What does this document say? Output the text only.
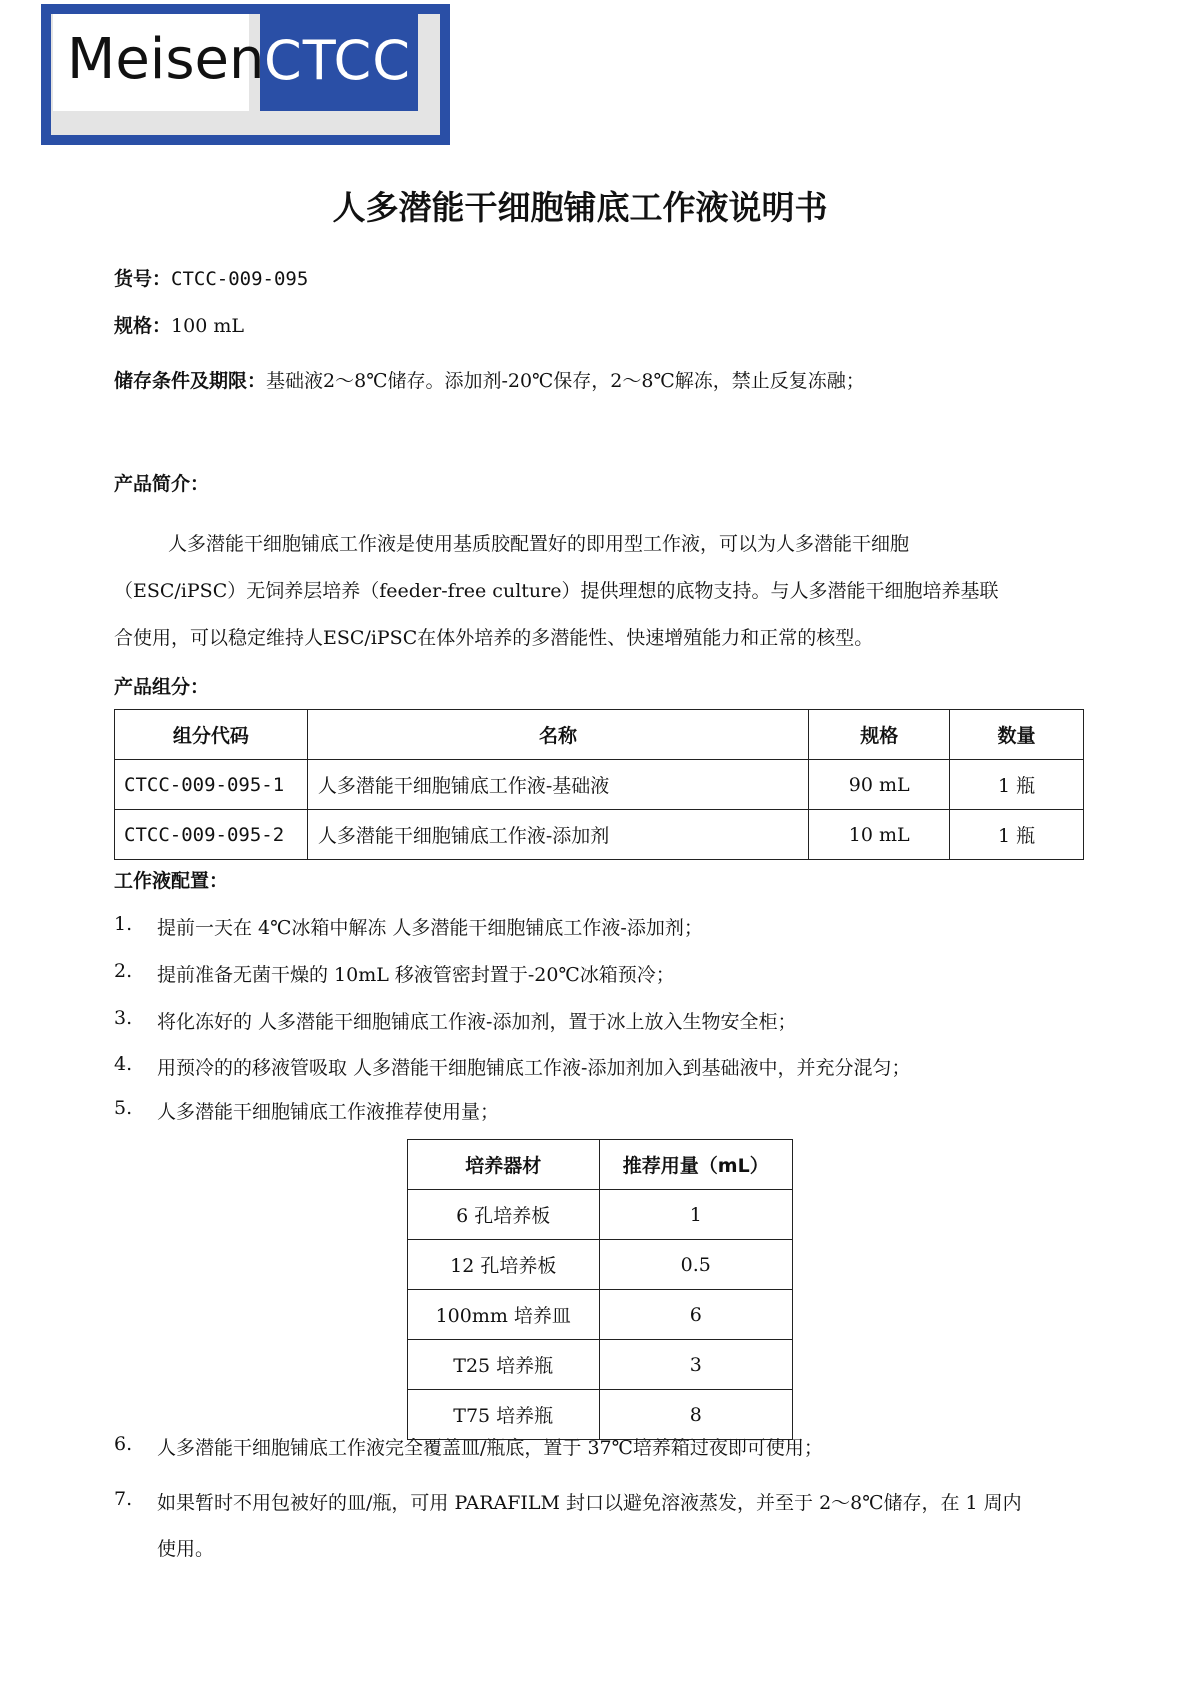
Meisen CTCC
人多潜能干细胞铺底工作液说明书
货号：CTCC-009-095
规格：100 mL
储存条件及期限：基础液2～8℃储存。添加剂-20℃保存，2～8℃解冻，禁止反复冻融；
产品简介：
人多潜能干细胞铺底工作液是使用基质胶配置好的即用型工作液，可以为人多潜能干细胞
（ESC/iPSC）无饲养层培养（feeder-free culture）提供理想的底物支持。与人多潜能干细胞培养基联
合使用，可以稳定维持人ESC/iPSC在体外培养的多潜能性、快速增殖能力和正常的核型。
产品组分：
组分代码	名称	规格	数量
CTCC-009-095-1	人多潜能干细胞铺底工作液-基础液	90 mL	1 瓶
CTCC-009-095-2	人多潜能干细胞铺底工作液-添加剂	10 mL	1 瓶
工作液配置：
1. 提前一天在 4℃冰箱中解冻 人多潜能干细胞铺底工作液-添加剂；
2. 提前准备无菌干燥的 10mL 移液管密封置于-20℃冰箱预冷；
3. 将化冻好的 人多潜能干细胞铺底工作液-添加剂，置于冰上放入生物安全柜；
4. 用预冷的的移液管吸取 人多潜能干细胞铺底工作液-添加剂加入到基础液中，并充分混匀；
5. 人多潜能干细胞铺底工作液推荐使用量；
6. 人多潜能干细胞铺底工作液完全覆盖皿/瓶底，置于 37℃培养箱过夜即可使用；
7. 如果暂时不用包被好的皿/瓶，可用 PARAFILM 封口以避免溶液蒸发，并至于 2～8℃储存，在 1 周内
使用。
培养器材	推荐用量（mL）
6 孔培养板	1
12 孔培养板	0.5
100mm 培养皿	6
T25 培养瓶	3
T75 培养瓶	8
